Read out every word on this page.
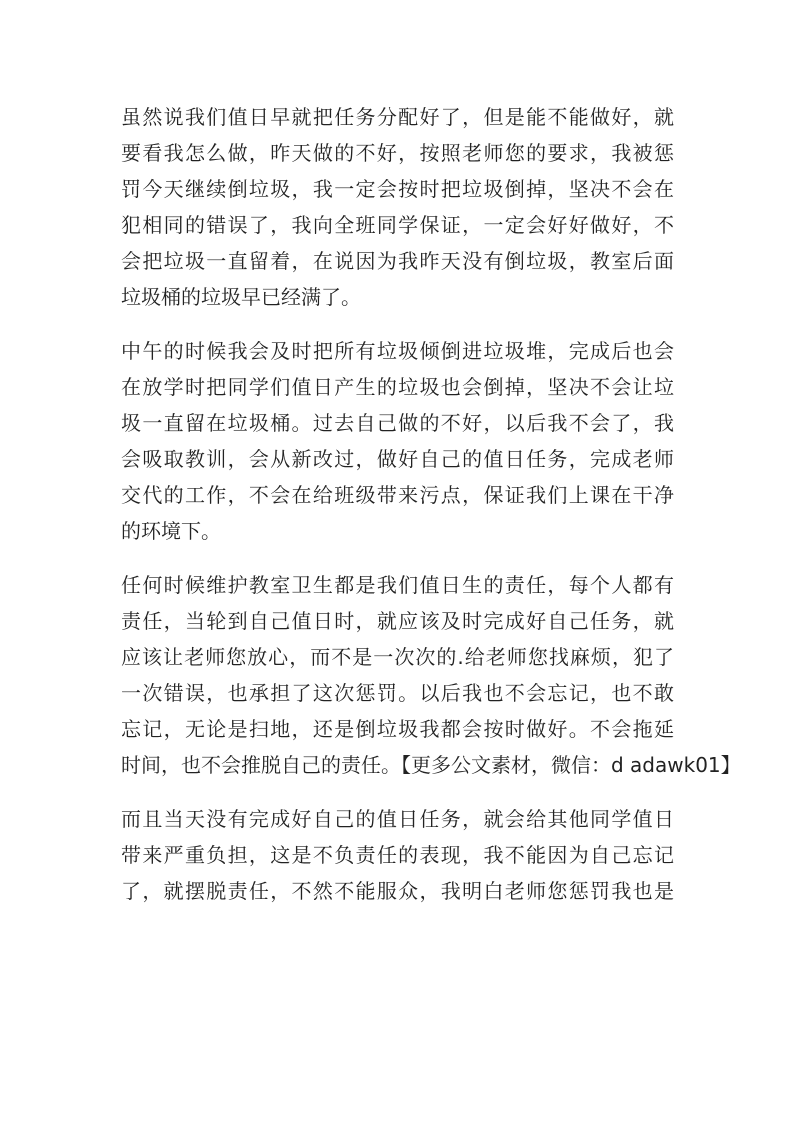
虽然说我们值日早就把任务分配好了，但是能不能做好，就
要看我怎么做，昨天做的不好，按照老师您的要求，我被惩
罚今天继续倒垃圾，我一定会按时把垃圾倒掉，坚决不会在
犯相同的错误了，我向全班同学保证，一定会好好做好，不
会把垃圾一直留着，在说因为我昨天没有倒垃圾，教室后面
垃圾桶的垃圾早已经满了。

中午的时候我会及时把所有垃圾倾倒进垃圾堆，完成后也会
在放学时把同学们值日产生的垃圾也会倒掉，坚决不会让垃
圾一直留在垃圾桶。过去自己做的不好，以后我不会了，我
会吸取教训，会从新改过，做好自己的值日任务，完成老师
交代的工作，不会在给班级带来污点，保证我们上课在干净
的环境下。

任何时候维护教室卫生都是我们值日生的责任，每个人都有
责任，当轮到自己值日时，就应该及时完成好自己任务，就
应该让老师您放心，而不是一次次的.给老师您找麻烦，犯了
一次错误，也承担了这次惩罚。以后我也不会忘记，也不敢
忘记，无论是扫地，还是倒垃圾我都会按时做好。不会拖延
时间，也不会推脱自己的责任。【更多公文素材，微信：d adawk01】

而且当天没有完成好自己的值日任务，就会给其他同学值日
带来严重负担，这是不负责任的表现，我不能因为自己忘记
了，就摆脱责任，不然不能服众，我明白老师您惩罚我也是
